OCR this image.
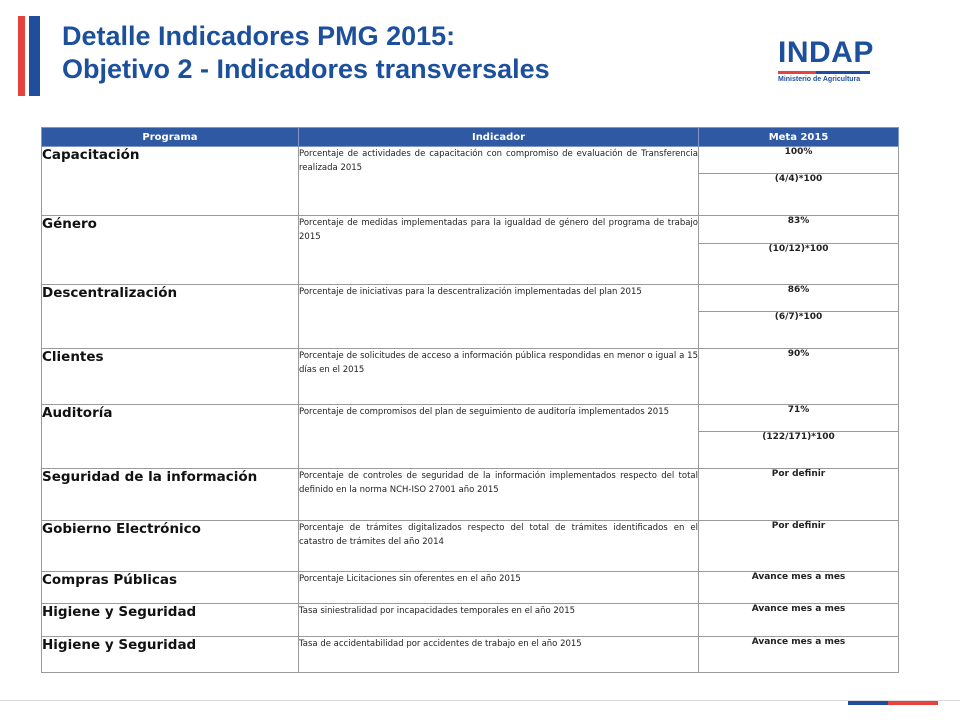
Detalle Indicadores PMG 2015:
Objetivo 2 - Indicadores transversales	INDAP
Ministerio de Agricultura
Programa	Indicador	Meta 2015
Capacitación	Porcentaje de actividades de capacitación con compromiso de evaluación de Transferencia realizada 2015	100%
		(4/4)*100
Género	Porcentaje de medidas implementadas para la igualdad de género del programa de trabajo 2015	83%
		(10/12)*100
Descentralización	Porcentaje de iniciativas para la descentralización implementadas del plan 2015	86%
		(6/7)*100
Clientes	Porcentaje de solicitudes de acceso a información pública respondidas en menor o igual a 15 días en el 2015	90%
Auditoría	Porcentaje de compromisos del plan de seguimiento de auditoría implementados 2015	71%
		(122/171)*100
Seguridad de la información	Porcentaje de controles de seguridad de la información implementados respecto del total definido en la norma NCH-ISO 27001 año 2015	Por definir
Gobierno Electrónico	Porcentaje de trámites digitalizados respecto del total de trámites identificados en el catastro de trámites del año 2014	Por definir
Compras Públicas	Porcentaje Licitaciones sin oferentes en el año 2015	Avance mes a mes
Higiene y Seguridad	Tasa siniestralidad por incapacidades temporales en el año 2015	Avance mes a mes
Higiene y Seguridad	Tasa de accidentabilidad por accidentes de trabajo en el año 2015	Avance mes a mes
